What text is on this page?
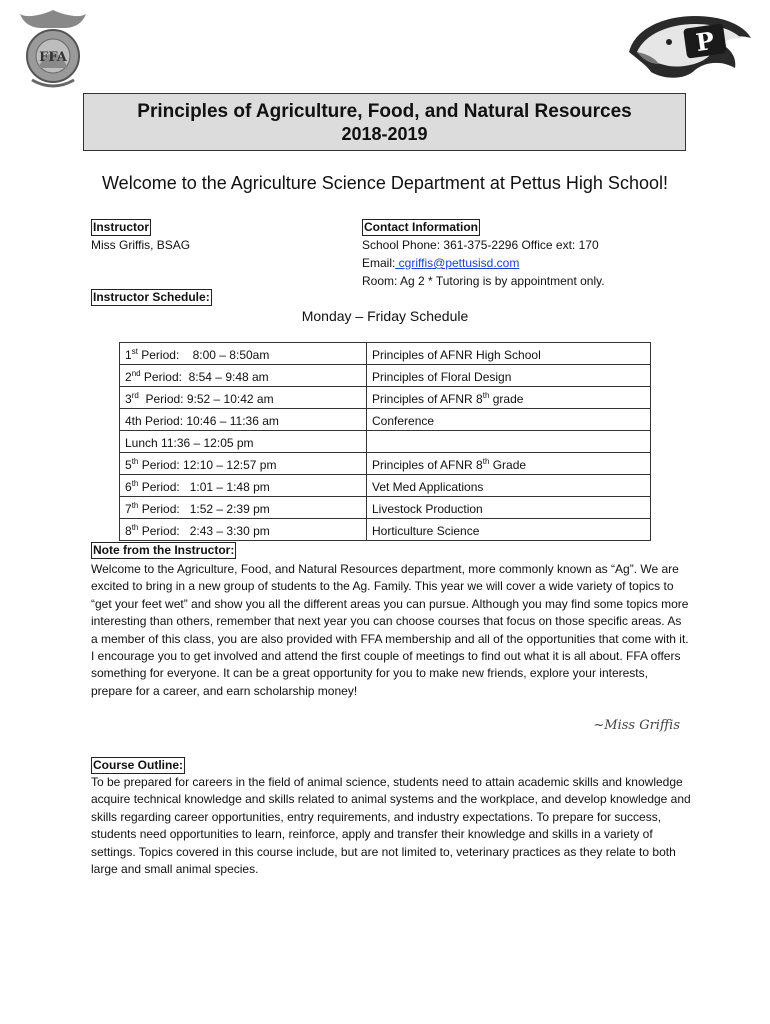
FFA
P
Principles of Agriculture, Food, and Natural Resources
2018-2019
Welcome to the Agriculture Science Department at Pettus High School!
Instructor
Miss Griffis, BSAG
Contact Information
School Phone: 361-375-2296 Office ext: 170
Email: cgriffis@pettusisd.com
Room: Ag 2 * Tutoring is by appointment only.
Instructor Schedule:
Monday – Friday Schedule
1st Period:    8:00 – 8:50am	Principles of AFNR High School
2nd Period:  8:54 – 9:48 am	Principles of Floral Design
3rd  Period: 9:52 – 10:42 am	Principles of AFNR 8th grade
4th Period: 10:46 – 11:36 am	Conference
Lunch 11:36 – 12:05 pm	
5th Period: 12:10 – 12:57 pm	Principles of AFNR 8th Grade
6th Period:   1:01 – 1:48 pm	Vet Med Applications
7th Period:   1:52 – 2:39 pm	Livestock Production
8th Period:   2:43 – 3:30 pm	Horticulture Science
Note from the Instructor:
Welcome to the Agriculture, Food, and Natural Resources department, more commonly known as “Ag”. We are excited to bring in a new group of students to the Ag. Family. This year we will cover a wide variety of topics to “get your feet wet” and show you all the different areas you can pursue. Although you may find some topics more interesting than others, remember that next year you can choose courses that focus on those specific areas. As a member of this class, you are also provided with FFA membership and all of the opportunities that come with it. I encourage you to get involved and attend the first couple of meetings to find out what it is all about. FFA offers something for everyone. It can be a great opportunity for you to make new friends, explore your interests, prepare for a career, and earn scholarship money!
~Miss Griffis
Course Outline:
To be prepared for careers in the field of animal science, students need to attain academic skills and knowledge acquire technical knowledge and skills related to animal systems and the workplace, and develop knowledge and skills regarding career opportunities, entry requirements, and industry expectations. To prepare for success, students need opportunities to learn, reinforce, apply and transfer their knowledge and skills in a variety of settings. Topics covered in this course include, but are not limited to, veterinary practices as they relate to both large and small animal species.
